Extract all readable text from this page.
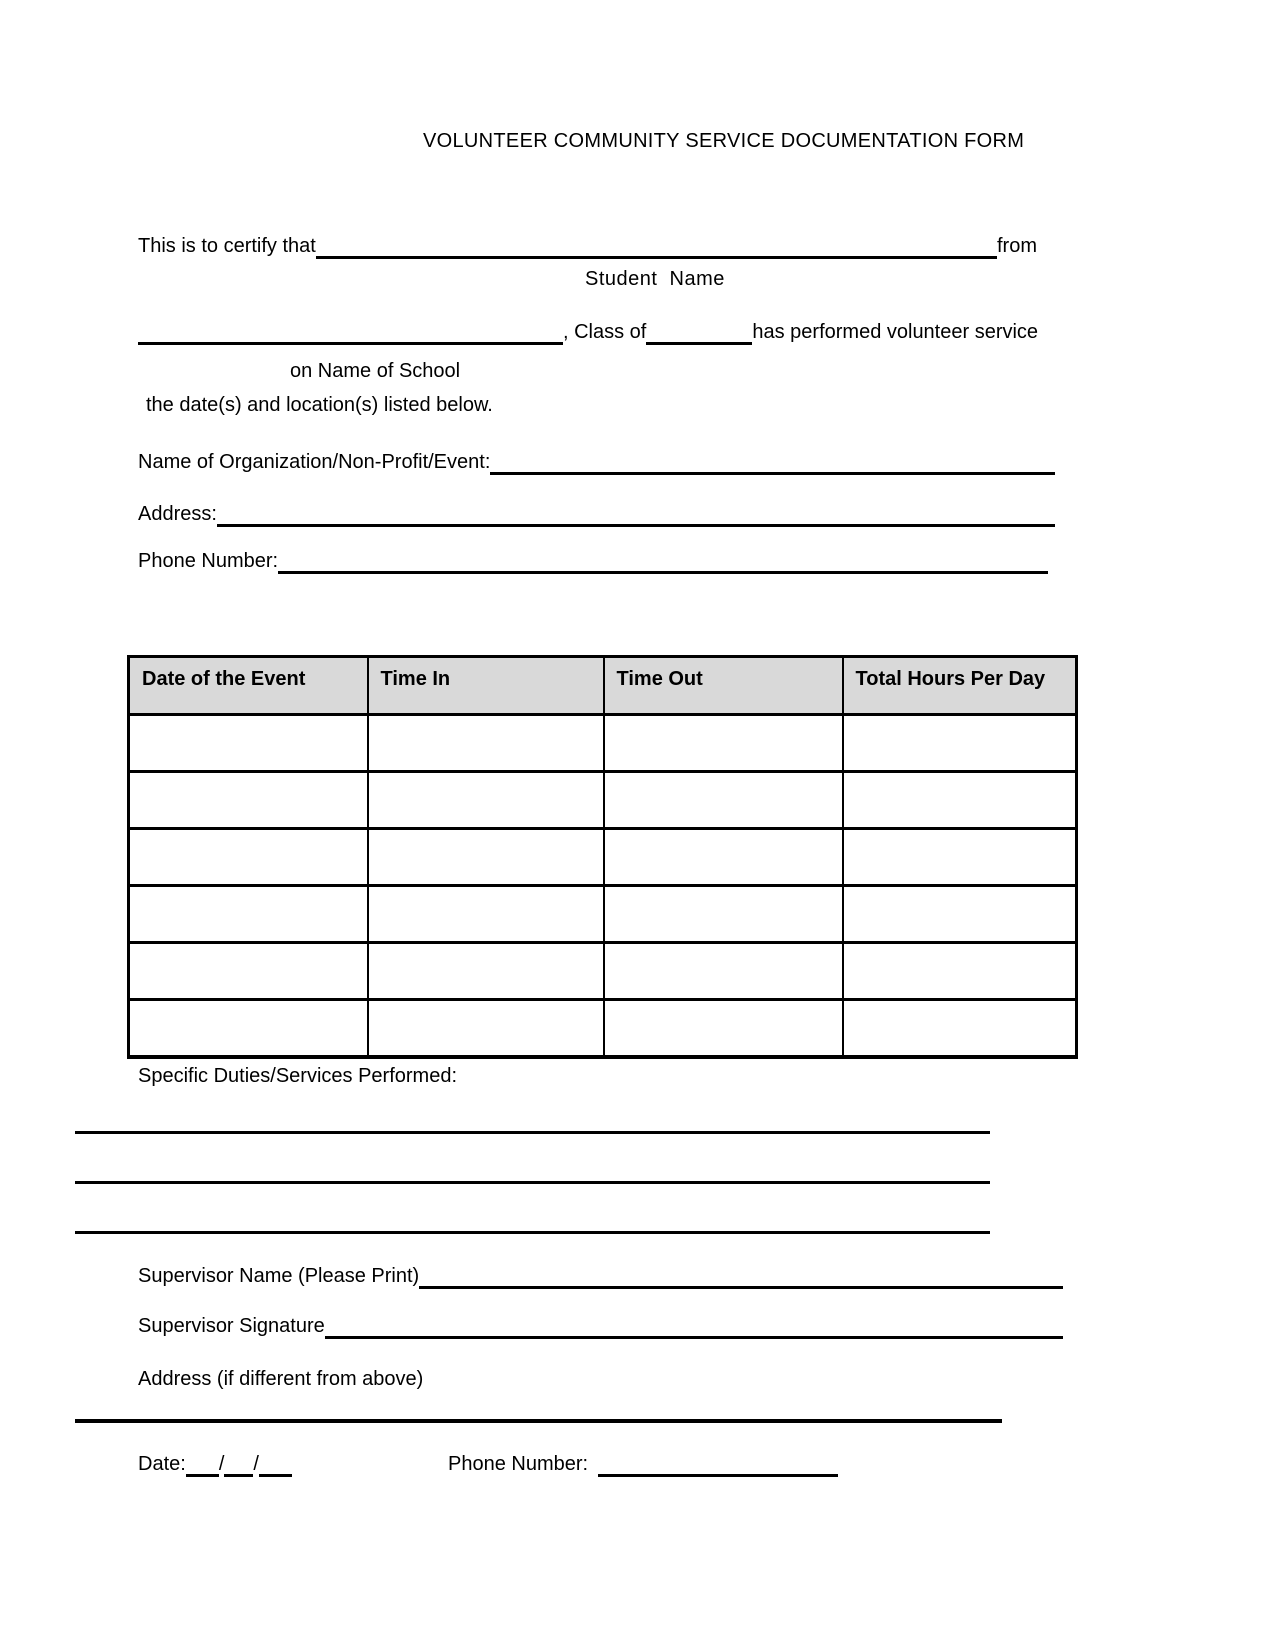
VOLUNTEER COMMUNITY SERVICE DOCUMENTATION FORM
This is to certify that	from
Student  Name
, Class of	has performed volunteer service
on Name of School
the date(s) and location(s) listed below.
Name of Organization/Non-Profit/Event:
Address:
Phone Number:
Date of the Event	Time In	Time Out	Total Hours Per Day

Specific Duties/Services Performed:
Supervisor Name (Please Print)
Supervisor Signature
Address (if different from above)
Date: / /	Phone Number:
